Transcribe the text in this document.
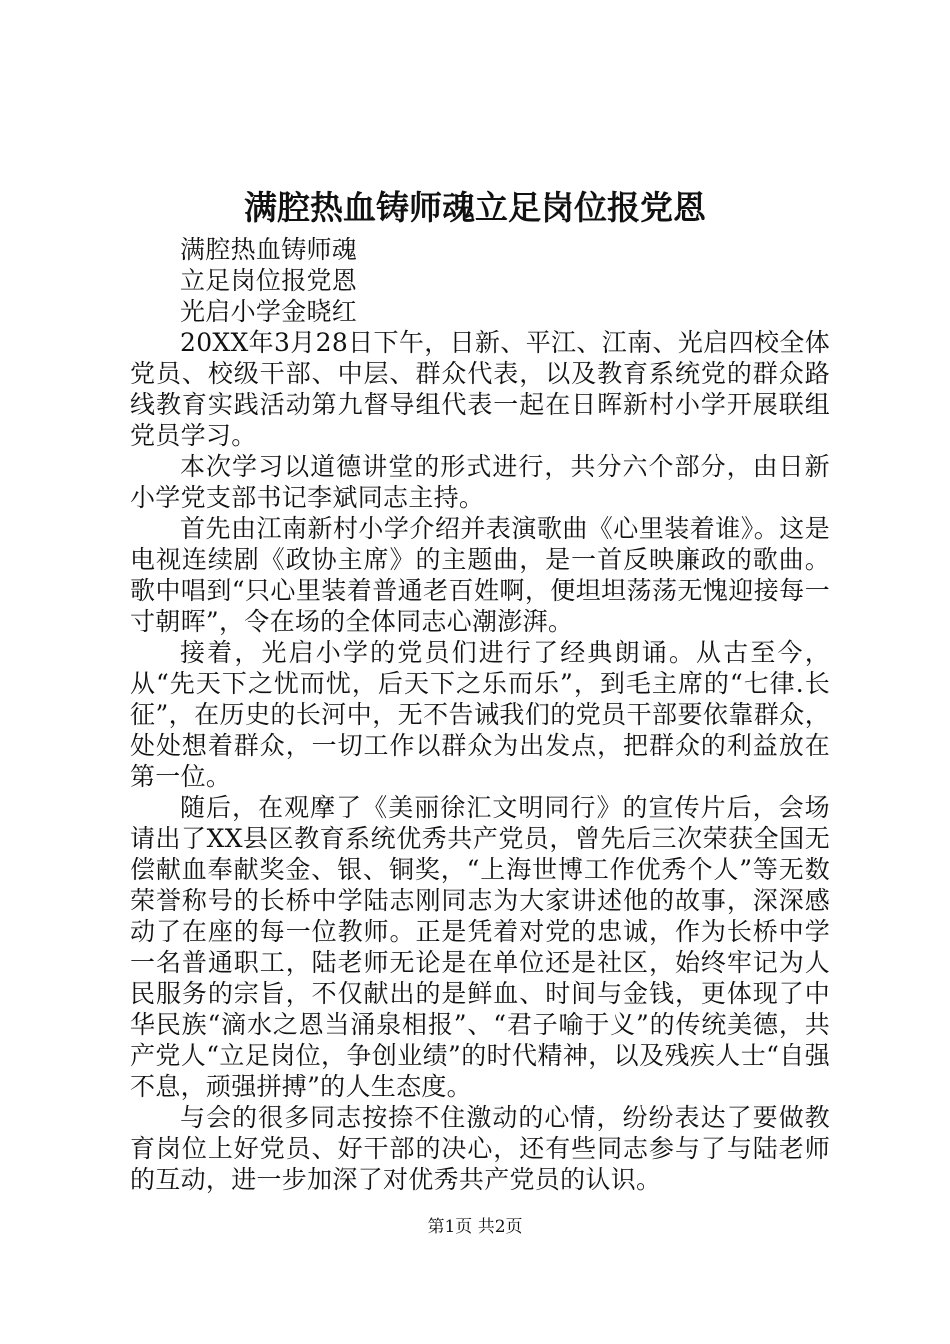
满腔热血铸师魂立足岗位报党恩
满腔热血铸师魂
立足岗位报党恩
光启小学金晓红

20XX年3月28日下午，日新、平江、江南、光启四校全体党员、校级干部、中层、群众代表，以及教育系统党的群众路线教育实践活动第九督导组代表一起在日晖新村小学开展联组党员学习。

本次学习以道德讲堂的形式进行，共分六个部分，由日新小学党支部书记李斌同志主持。

首先由江南新村小学介绍并表演歌曲《心里装着谁》。这是电视连续剧《政协主席》的主题曲，是一首反映廉政的歌曲。歌中唱到“只心里装着普通老百姓啊，便坦坦荡荡无愧迎接每一寸朝晖”，令在场的全体同志心潮澎湃。

接着，光启小学的党员们进行了经典朗诵。从古至今，从“先天下之忧而忧，后天下之乐而乐”，到毛主席的“七律.长征”，在历史的长河中，无不告诫我们的党员干部要依靠群众，处处想着群众，一切工作以群众为出发点，把群众的利益放在第一位。

随后，在观摩了《美丽徐汇文明同行》的宣传片后，会场请出了XX县区教育系统优秀共产党员，曾先后三次荣获全国无偿献血奉献奖金、银、铜奖，“上海世博工作优秀个人”等无数荣誉称号的长桥中学陆志刚同志为大家讲述他的故事，深深感动了在座的每一位教师。正是凭着对党的忠诚，作为长桥中学一名普通职工，陆老师无论是在单位还是社区，始终牢记为人民服务的宗旨，不仅献出的是鲜血、时间与金钱，更体现了中华民族“滴水之恩当涌泉相报”、“君子喻于义”的传统美德，共产党人“立足岗位，争创业绩”的时代精神，以及残疾人士“自强不息，顽强拼搏”的人生态度。

与会的很多同志按捺不住激动的心情，纷纷表达了要做教育岗位上好党员、好干部的决心，还有些同志参与了与陆老师的互动，进一步加深了对优秀共产党员的认识。

第1页 共2页
